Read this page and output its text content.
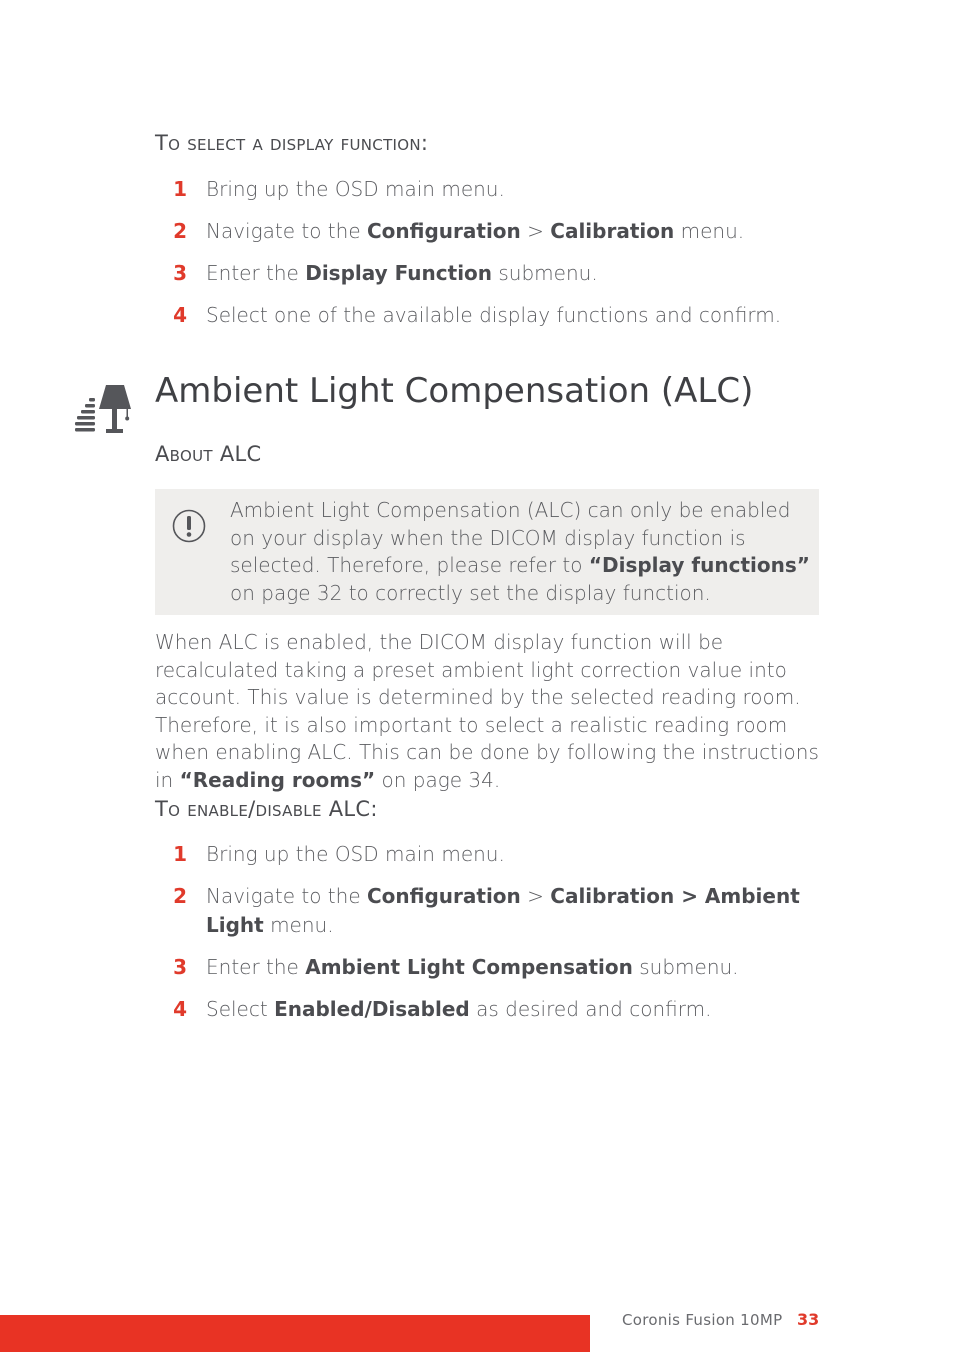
To select a display function:
1 Bring up the OSD main menu.
2 Navigate to the Configuration > Calibration menu.
3 Enter the Display Function submenu.
4 Select one of the available display functions and confirm.
Ambient Light Compensation (ALC)
About ALC
Ambient Light Compensation (ALC) can only be enabled on your display when the DICOM display function is selected. Therefore, please refer to “Display functions” on page 32 to correctly set the display function.
When ALC is enabled, the DICOM display function will be recalculated taking a preset ambient light correction value into account. This value is determined by the selected reading room. Therefore, it is also important to select a realistic reading room when enabling ALC. This can be done by following the instructions in “Reading rooms” on page 34.
To enable/disable ALC:
1 Bring up the OSD main menu.
2 Navigate to the Configuration > Calibration > Ambient Light menu.
3 Enter the Ambient Light Compensation submenu.
4 Select Enabled/Disabled as desired and confirm.
Coronis Fusion 10MP 33
